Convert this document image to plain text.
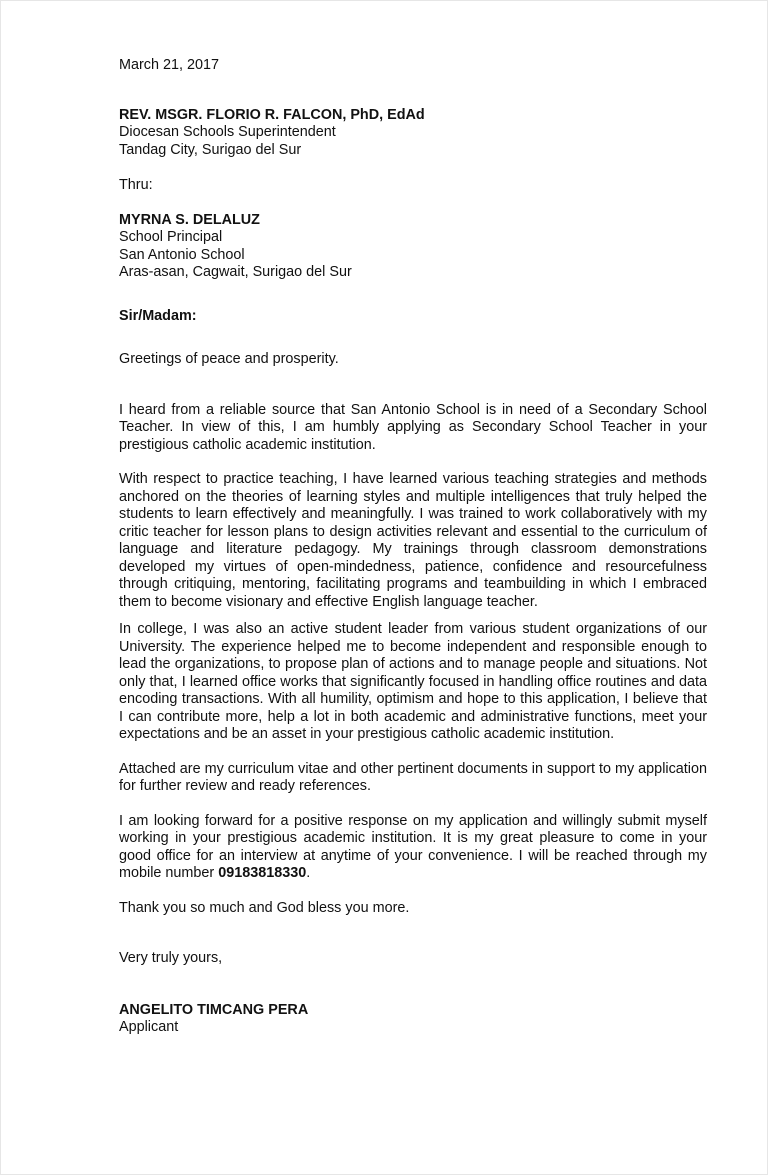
March 21, 2017
REV. MSGR. FLORIO R. FALCON, PhD, EdAd
Diocesan Schools Superintendent
Tandag City, Surigao del Sur
Thru:
MYRNA S. DELALUZ
School Principal
San Antonio School
Aras-asan, Cagwait, Surigao del Sur
Sir/Madam:
Greetings of peace and prosperity.

I heard from a reliable source that San Antonio School is in need of a Secondary School Teacher. In view of this, I am humbly applying as Secondary School Teacher in your prestigious catholic academic institution.

With respect to practice teaching, I have learned various teaching strategies and methods anchored on the theories of learning styles and multiple intelligences that truly helped the students to learn effectively and meaningfully. I was trained to work collaboratively with my critic teacher for lesson plans to design activities relevant and essential to the curriculum of language and literature pedagogy. My trainings through classroom demonstrations developed my virtues of open-mindedness, patience, confidence and resourcefulness through critiquing, mentoring, facilitating programs and teambuilding in which I embraced them to become visionary and effective English language teacher.

In college, I was also an active student leader from various student organizations of our University. The experience helped me to become independent and responsible enough to lead the organizations, to propose plan of actions and to manage people and situations. Not only that, I learned office works that significantly focused in handling office routines and data encoding transactions. With all humility, optimism and hope to this application, I believe that I can contribute more, help a lot in both academic and administrative functions, meet your expectations and be an asset in your prestigious catholic academic institution.

Attached are my curriculum vitae and other pertinent documents in support to my application for further review and ready references.

I am looking forward for a positive response on my application and willingly submit myself working in your prestigious academic institution. It is my great pleasure to come in your good office for an interview at anytime of your convenience. I will be reached through my mobile number 09183818330.

Thank you so much and God bless you more.
Very truly yours,
ANGELITO TIMCANG PERA
Applicant
